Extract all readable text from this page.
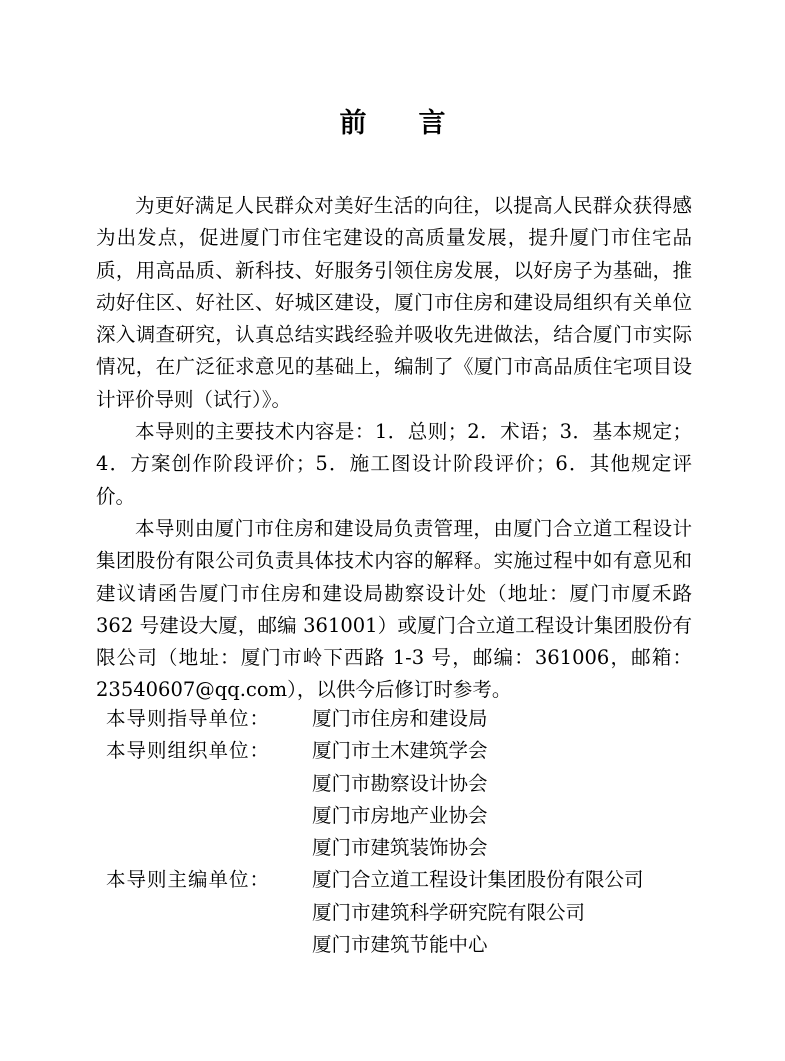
前言

为更好满足人民群众对美好生活的向往，以提高人民群众获得感为出发点，促进厦门市住宅建设的高质量发展，提升厦门市住宅品质，用高品质、新科技、好服务引领住房发展，以好房子为基础，推动好住区、好社区、好城区建设，厦门市住房和建设局组织有关单位深入调查研究，认真总结实践经验并吸收先进做法，结合厦门市实际情况，在广泛征求意见的基础上，编制了《厦门市高品质住宅项目设计评价导则（试行）》。

本导则的主要技术内容是：1．总则；2．术语；3．基本规定；4．方案创作阶段评价；5．施工图设计阶段评价；6．其他规定评价。

本导则由厦门市住房和建设局负责管理，由厦门合立道工程设计集团股份有限公司负责具体技术内容的解释。实施过程中如有意见和建议请函告厦门市住房和建设局勘察设计处（地址：厦门市厦禾路 362 号建设大厦，邮编 361001）或厦门合立道工程设计集团股份有限公司（地址：厦门市岭下西路 1-3 号，邮编：361006，邮箱：23540607@qq.com），以供今后修订时参考。

本导则指导单位：	厦门市住房和建设局
本导则组织单位：	厦门市土木建筑学会
厦门市勘察设计协会
厦门市房地产业协会
厦门市建筑装饰协会
本导则主编单位：	厦门合立道工程设计集团股份有限公司
厦门市建筑科学研究院有限公司
厦门市建筑节能中心
